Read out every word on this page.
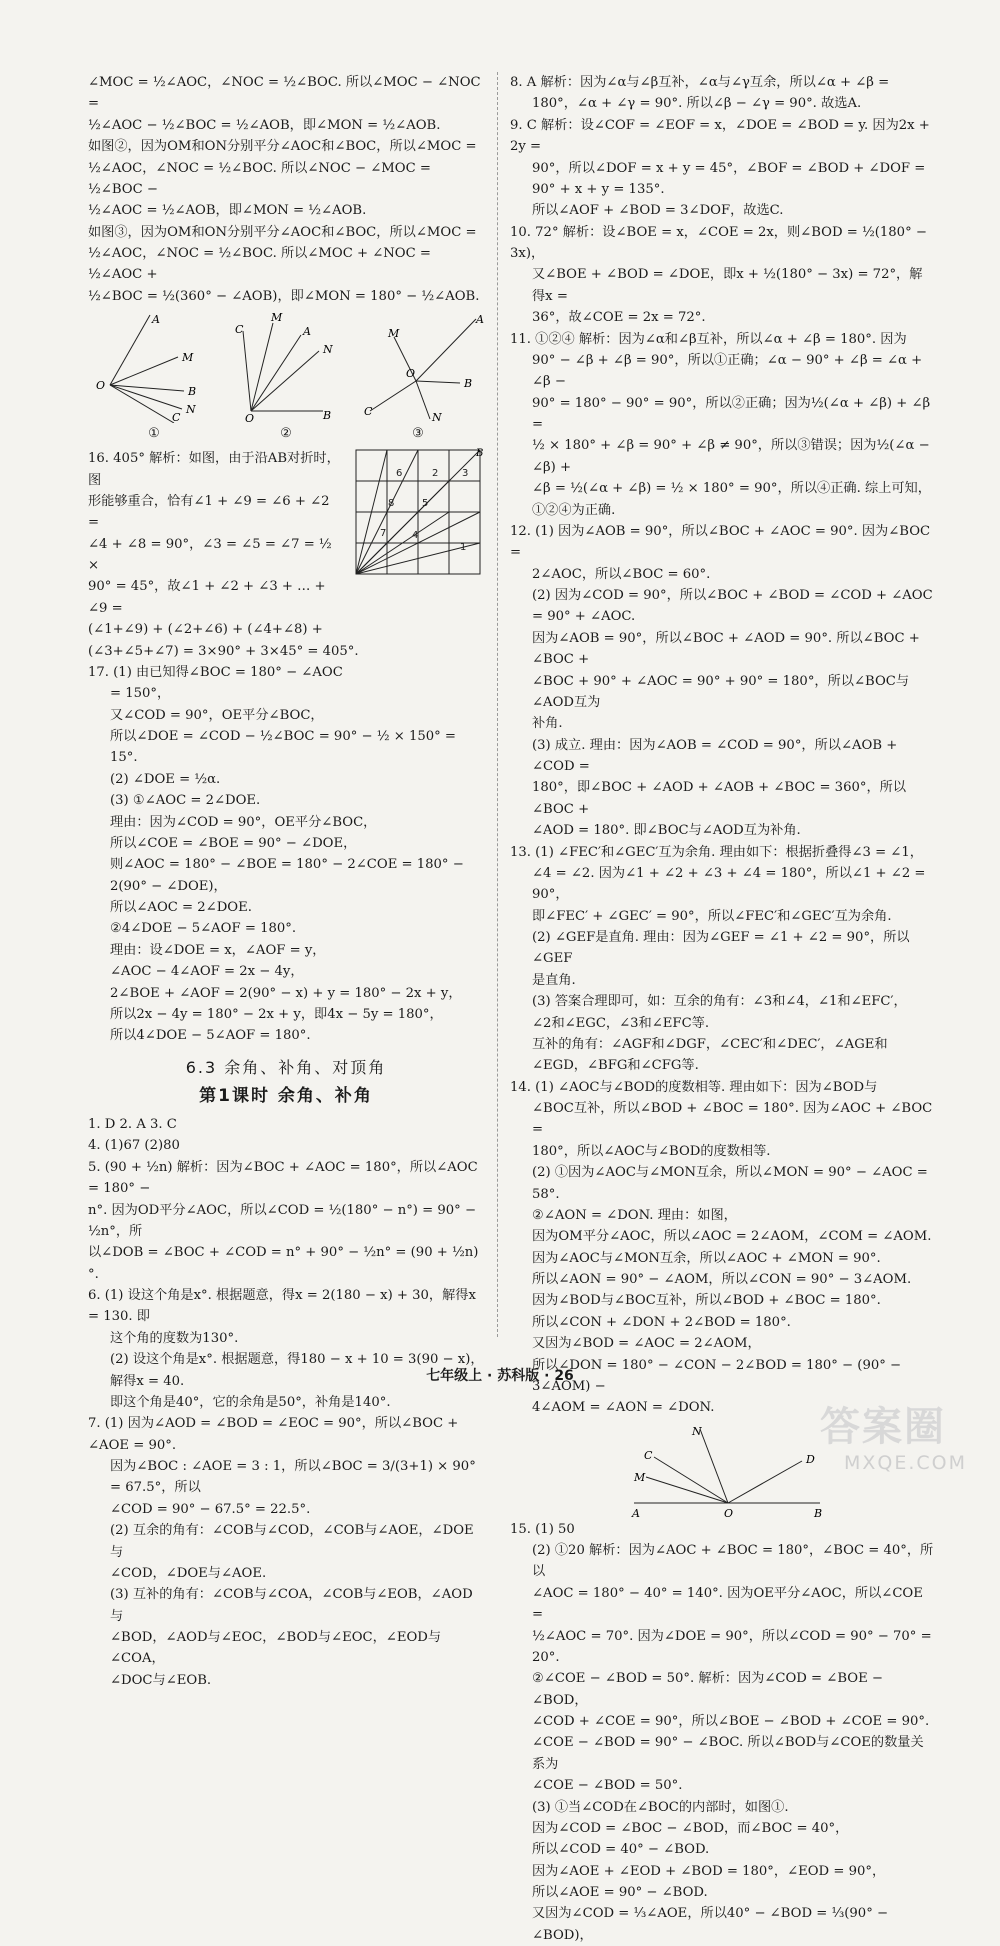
∠MOC = ½∠AOC，∠NOC = ½∠BOC. 所以∠MOC − ∠NOC =

½∠AOC − ½∠BOC = ½∠AOB，即∠MON = ½∠AOB.

如图②，因为OM和ON分别平分∠AOC和∠BOC，所以∠MOC =

½∠AOC，∠NOC = ½∠BOC. 所以∠NOC − ∠MOC = ½∠BOC −

½∠AOC = ½∠AOB，即∠MON = ½∠AOB.

如图③，因为OM和ON分别平分∠AOC和∠BOC，所以∠MOC =

½∠AOC，∠NOC = ½∠BOC. 所以∠MOC + ∠NOC = ½∠AOC +

½∠BOC = ½(360° − ∠AOB)，即∠MON = 180° − ½∠AOB.

A
M
B
N
C
O
C
M
A
N
B
O
A
M
B
C	N
O
①	②	③
6	2 3
8	5
7	4
1
B

16. 405° 解析：如图，由于沿AB对折时，图

形能够重合，恰有∠1 + ∠9 = ∠6 + ∠2 =

∠4 + ∠8 = 90°，∠3 = ∠5 = ∠7 = ½ ×

90° = 45°，故∠1 + ∠2 + ∠3 + … + ∠9 =

(∠1+∠9) + (∠2+∠6) + (∠4+∠8) +

(∠3+∠5+∠7) = 3×90° + 3×45° = 405°.

17. (1) 由已知得∠BOC = 180° − ∠AOC

= 150°，

又∠COD = 90°，OE平分∠BOC，

所以∠DOE = ∠COD − ½∠BOC = 90° − ½ × 150° = 15°.

(2) ∠DOE = ½α.

(3) ①∠AOC = 2∠DOE.

理由：因为∠COD = 90°，OE平分∠BOC，

所以∠COE = ∠BOE = 90° − ∠DOE，

则∠AOC = 180° − ∠BOE = 180° − 2∠COE = 180° − 2(90° − ∠DOE)，

所以∠AOC = 2∠DOE.

②4∠DOE − 5∠AOF = 180°.

理由：设∠DOE = x，∠AOF = y，

∠AOC − 4∠AOF = 2x − 4y，

2∠BOE + ∠AOF = 2(90° − x) + y = 180° − 2x + y，

所以2x − 4y = 180° − 2x + y，即4x − 5y = 180°，

所以4∠DOE − 5∠AOF = 180°.

6.3 余角、补角、对顶角
第1课时 余角、补角

1. D 2. A 3. C

4. (1)67 (2)80

5. (90 + ½n) 解析：因为∠BOC + ∠AOC = 180°，所以∠AOC = 180° −

n°. 因为OD平分∠AOC，所以∠COD = ½(180° − n°) = 90° − ½n°，所

以∠DOB = ∠BOC + ∠COD = n° + 90° − ½n° = (90 + ½n)°.

6. (1) 设这个角是x°. 根据题意，得x = 2(180 − x) + 30，解得x = 130. 即

这个角的度数为130°.

(2) 设这个角是x°. 根据题意，得180 − x + 10 = 3(90 − x)，解得x = 40.

即这个角是40°，它的余角是50°，补角是140°.

7. (1) 因为∠AOD = ∠BOD = ∠EOC = 90°，所以∠BOC + ∠AOE = 90°.

因为∠BOC : ∠AOE = 3 : 1，所以∠BOC = 3/(3+1) × 90° = 67.5°，所以

∠COD = 90° − 67.5° = 22.5°.

(2) 互余的角有：∠COB与∠COD，∠COB与∠AOE，∠DOE与

∠COD，∠DOE与∠AOE.

(3) 互补的角有：∠COB与∠COA，∠COB与∠EOB，∠AOD与

∠BOD，∠AOD与∠EOC，∠BOD与∠EOC，∠EOD与∠COA，

∠DOC与∠EOB.

8. A 解析：因为∠α与∠β互补，∠α与∠γ互余，所以∠α + ∠β =

180°，∠α + ∠γ = 90°. 所以∠β − ∠γ = 90°. 故选A.

9. C 解析：设∠COF = ∠EOF = x，∠DOE = ∠BOD = y. 因为2x + 2y =

90°，所以∠DOF = x + y = 45°，∠BOF = ∠BOD + ∠DOF = 90° + x + y = 135°.

所以∠AOF + ∠BOD = 3∠DOF，故选C.

10. 72° 解析：设∠BOE = x，∠COE = 2x，则∠BOD = ½(180° − 3x)，

又∠BOE + ∠BOD = ∠DOE，即x + ½(180° − 3x) = 72°，解得x =

36°，故∠COE = 2x = 72°.

11. ①②④ 解析：因为∠α和∠β互补，所以∠α + ∠β = 180°. 因为

90° − ∠β + ∠β = 90°，所以①正确；∠α − 90° + ∠β = ∠α + ∠β −

90° = 180° − 90° = 90°，所以②正确；因为½(∠α + ∠β) + ∠β =

½ × 180° + ∠β = 90° + ∠β ≠ 90°，所以③错误；因为½(∠α − ∠β) +

∠β = ½(∠α + ∠β) = ½ × 180° = 90°，所以④正确. 综上可知，

①②④为正确.

12. (1) 因为∠AOB = 90°，所以∠BOC + ∠AOC = 90°. 因为∠BOC =

2∠AOC，所以∠BOC = 60°.

(2) 因为∠COD = 90°，所以∠BOC + ∠BOD = ∠COD + ∠AOC = 90° + ∠AOC.

因为∠AOB = 90°，所以∠BOC + ∠AOD = 90°. 所以∠BOC + ∠BOC +

∠BOC + 90° + ∠AOC = 90° + 90° = 180°，所以∠BOC与∠AOD互为

补角.

(3) 成立. 理由：因为∠AOB = ∠COD = 90°，所以∠AOB + ∠COD =

180°，即∠BOC + ∠AOD + ∠AOB + ∠BOC = 360°，所以∠BOC +

∠AOD = 180°. 即∠BOC与∠AOD互为补角.

13. (1) ∠FEC′和∠GEC′互为余角. 理由如下：根据折叠得∠3 = ∠1，

∠4 = ∠2. 因为∠1 + ∠2 + ∠3 + ∠4 = 180°，所以∠1 + ∠2 = 90°，

即∠FEC′ + ∠GEC′ = 90°，所以∠FEC′和∠GEC′互为余角.

(2) ∠GEF是直角. 理由：因为∠GEF = ∠1 + ∠2 = 90°，所以∠GEF

是直角.

(3) 答案合理即可，如：互余的角有：∠3和∠4，∠1和∠EFC′，

∠2和∠EGC，∠3和∠EFC等.

互补的角有：∠AGF和∠DGF，∠CEC′和∠DEC′，∠AGE和

∠EGD，∠BFG和∠CFG等.

14. (1) ∠AOC与∠BOD的度数相等. 理由如下：因为∠BOD与

∠BOC互补，所以∠BOD + ∠BOC = 180°. 因为∠AOC + ∠BOC =

180°，所以∠AOC与∠BOD的度数相等.

(2) ①因为∠AOC与∠MON互余，所以∠MON = 90° − ∠AOC = 58°.

②∠AON = ∠DON. 理由：如图，

因为OM平分∠AOC，所以∠AOC = 2∠AOM，∠COM = ∠AOM.

因为∠AOC与∠MON互余，所以∠AOC + ∠MON = 90°.

所以∠AON = 90° − ∠AOM，所以∠CON = 90° − 3∠AOM.

因为∠BOD与∠BOC互补，所以∠BOD + ∠BOC = 180°.

所以∠CON + ∠DON + 2∠BOD = 180°.

又因为∠BOD = ∠AOC = 2∠AOM，

所以∠DON = 180° − ∠CON − 2∠BOD = 180° − (90° − 3∠AOM) −

4∠AOM = ∠AON = ∠DON.

N
C
M
D
A	O	B

15. (1) 50

(2) ①20 解析：因为∠AOC + ∠BOC = 180°，∠BOC = 40°，所以

∠AOC = 180° − 40° = 140°. 因为OE平分∠AOC，所以∠COE =

½∠AOC = 70°. 因为∠DOE = 90°，所以∠COD = 90° − 70° = 20°.

②∠COE − ∠BOD = 50°. 解析：因为∠COD = ∠BOE − ∠BOD，

∠COD + ∠COE = 90°，所以∠BOE − ∠BOD + ∠COE = 90°.

∠COE − ∠BOD = 90° − ∠BOC. 所以∠BOD与∠COE的数量关系为

∠COE − ∠BOD = 50°.

(3) ①当∠COD在∠BOC的内部时，如图①.

因为∠COD = ∠BOC − ∠BOD，而∠BOC = 40°，

所以∠COD = 40° − ∠BOD.

因为∠AOE + ∠EOD + ∠BOD = 180°，∠EOD = 90°，

所以∠AOE = 90° − ∠BOD.

又因为∠COD = ⅓∠AOE，所以40° − ∠BOD = ⅓(90° − ∠BOD)，

七年级上 · 苏科版 · 26
答案圈
MXQE.COM
